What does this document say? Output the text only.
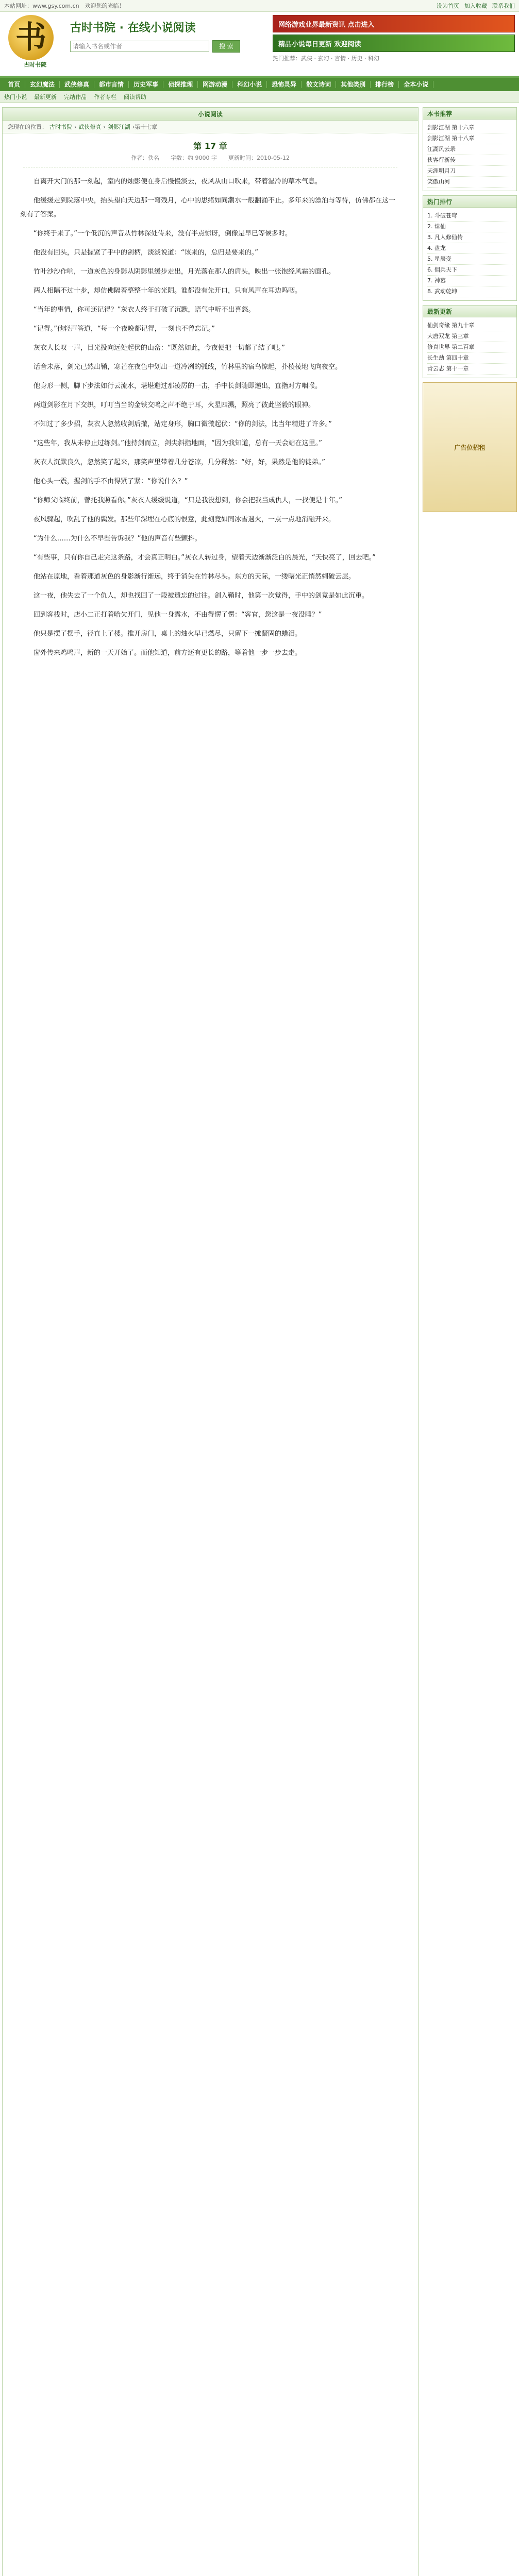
本站网址：www.gsy.com.cn　欢迎您的光临！	设为首页 加入收藏 联系我们
书
古时书院
古时书院 · 在线小说阅读
请输入书名或作者
搜 索
网络游戏业界最新资讯 点击进入
精品小说每日更新 欢迎阅读
热门推荐：武侠 · 玄幻 · 言情 · 历史 · 科幻
首页	玄幻魔法	武侠修真	都市言情	历史军事	侦探推理	网游动漫	科幻小说	恐怖灵异	散文诗词	其他类别	排行榜	全本小说
热门小说 最新更新 完结作品 作者专栏 阅读帮助
小说阅读
您现在的位置： 古时书院 › 武侠修真 › 剑影江湖 › 第十七章
第 17 章
作者：佚名　　字数：约 9000 字　　更新时间：2010-05-12

自离开大门的那一刻起，室内的烛影便在身后慢慢淡去，夜风从山口吹来，带着湿冷的草木气息。

他缓缓走到院落中央，抬头望向天边那一弯残月，心中的思绪如同潮水一般翻涌不止。多年来的漂泊与等待，仿佛都在这一刻有了答案。

“你终于来了。”一个低沉的声音从竹林深处传来，没有半点惊讶，倒像是早已等候多时。

他没有回头，只是握紧了手中的剑柄，淡淡说道：“该来的，总归是要来的。”

竹叶沙沙作响，一道灰色的身影从阴影里缓步走出，月光落在那人的肩头，映出一张饱经风霜的面孔。

两人相隔不过十步，却仿佛隔着整整十年的光阴。谁都没有先开口，只有风声在耳边呜咽。

“当年的事情，你可还记得？”灰衣人终于打破了沉默，语气中听不出喜怒。

“记得。”他轻声答道，“每一个夜晚都记得，一刻也不曾忘记。”

灰衣人长叹一声，目光投向远处起伏的山峦：“既然如此，今夜便把一切都了结了吧。”

话音未落，剑光已然出鞘，寒芒在夜色中划出一道冷冽的弧线，竹林里的宿鸟惊起，扑棱棱地飞向夜空。

他身形一侧，脚下步法如行云流水，堪堪避过那凌厉的一击，手中长剑随即递出，直指对方咽喉。

两道剑影在月下交织，叮叮当当的金铁交鸣之声不绝于耳，火星四溅，照亮了彼此坚毅的眼神。

不知过了多少招，灰衣人忽然收剑后撤，站定身形，胸口微微起伏：“你的剑法，比当年精进了许多。”

“这些年，我从未停止过练剑。”他持剑而立，剑尖斜指地面，“因为我知道，总有一天会站在这里。”

灰衣人沉默良久，忽然笑了起来，那笑声里带着几分苍凉，几分释然：“好，好，果然是他的徒弟。”

他心头一震，握剑的手不由得紧了紧：“你说什么？”

“你师父临终前，曾托我照看你。”灰衣人缓缓说道，“只是我没想到，你会把我当成仇人，一找便是十年。”

夜风骤起，吹乱了他的鬓发。那些年深埋在心底的恨意，此刻竟如同冰雪遇火，一点一点地消融开来。

“为什么……为什么不早些告诉我？”他的声音有些颤抖。

“有些事，只有你自己走完这条路，才会真正明白。”灰衣人转过身，望着天边渐渐泛白的晨光，“天快亮了，回去吧。”

他站在原地，看着那道灰色的身影渐行渐远，终于消失在竹林尽头。东方的天际，一缕曙光正悄然刺破云层。

这一夜，他失去了一个仇人，却也找回了一段被遗忘的过往。剑入鞘时，他第一次觉得，手中的剑竟是如此沉重。

回到客栈时，店小二正打着哈欠开门，见他一身露水，不由得愣了愣：“客官，您这是一夜没睡？”

他只是摆了摆手，径直上了楼。推开房门，桌上的烛火早已燃尽，只留下一摊凝固的蜡泪。

窗外传来鸡鸣声，新的一天开始了。而他知道，前方还有更长的路，等着他一步一步去走。

本书推荐
剑影江湖 第十六章
剑影江湖 第十八章
江湖风云录
侠客行新传
天涯明月刀
笑傲山河
热门排行
1. 斗破苍穹
2. 诛仙
3. 凡人修仙传
4. 盘龙
5. 星辰变
6. 佣兵天下
7. 神墓
8. 武动乾坤
最新更新
仙剑奇缘 第九十章
大唐双龙 第三章
修真世界 第二百章
长生劫 第四十章
青云志 第十一章
广告位招租
